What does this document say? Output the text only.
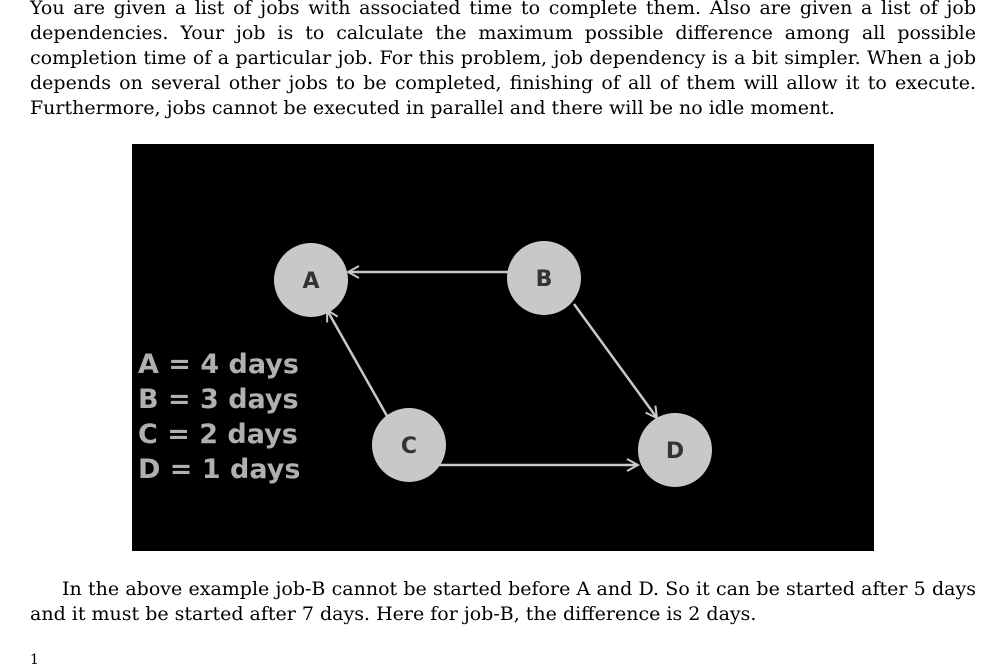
You are given a list of jobs with associated time to complete them. Also are given a list of job dependencies. Your job is to calculate the maximum possible difference among all possible completion time of a particular job. For this problem, job dependency is a bit simpler. When a job depends on several other jobs to be completed, finishing of all of them will allow it to execute. Furthermore, jobs cannot be executed in parallel and there will be no idle moment.

A	B
C	D
A = 4 days
B = 3 days
C = 2 days
D = 1 days

In the above example job-B cannot be started before A and D. So it can be started after 5 days and it must be started after 7 days. Here for job-B, the difference is 2 days.

1
